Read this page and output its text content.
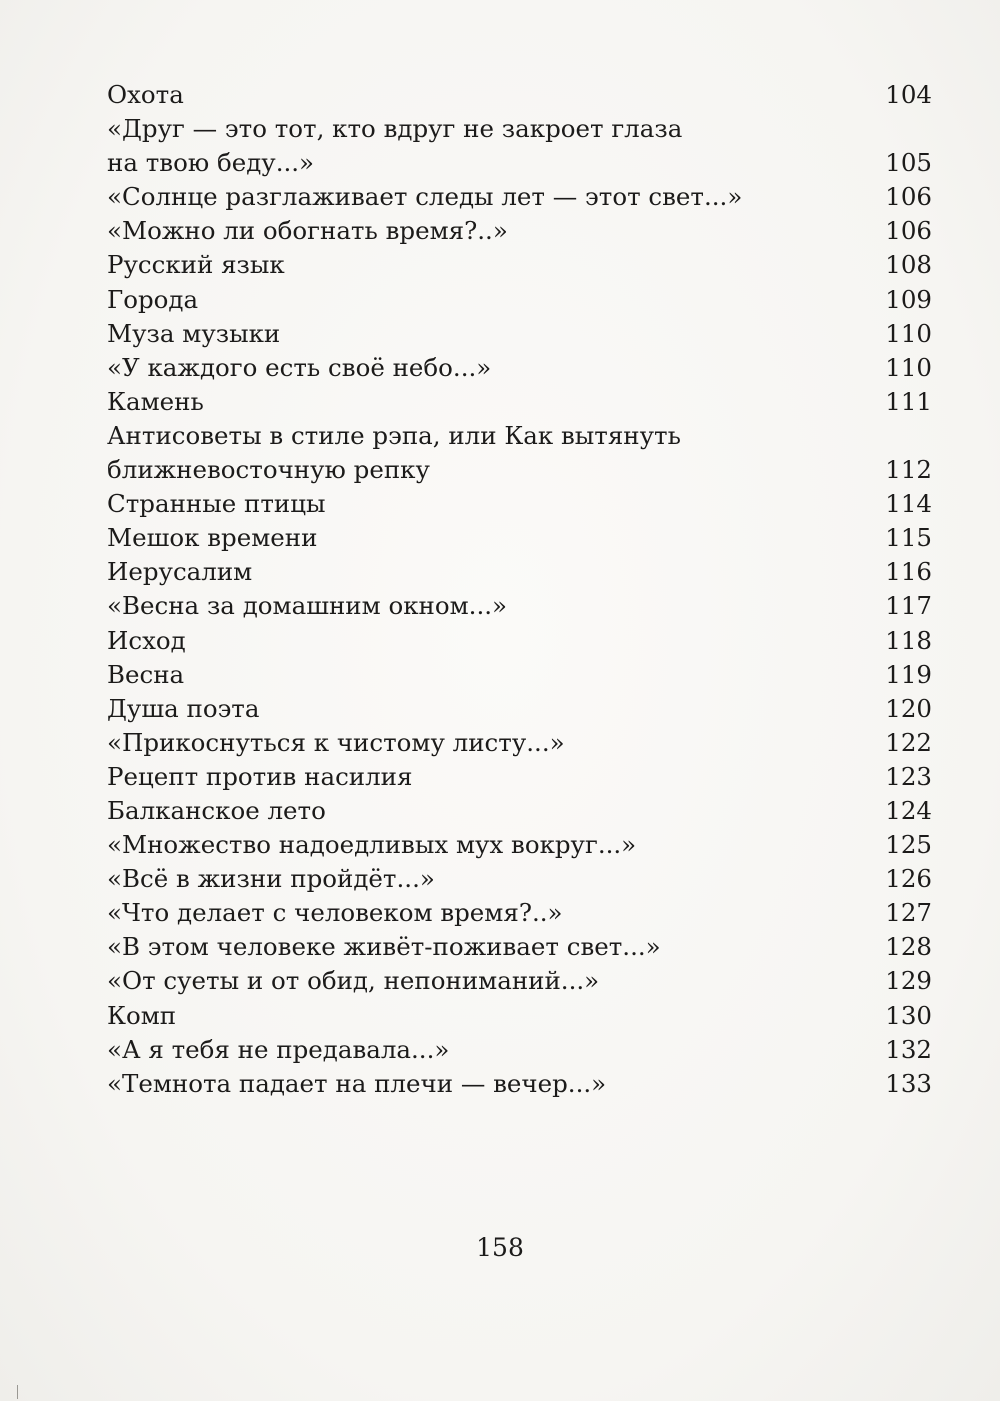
Охота	104
«Друг — это тот, кто вдруг не закроет глаза
на твою беду...»	105
«Солнце разглаживает следы лет — этот свет...»	106
«Можно ли обогнать время?..»	106
Русский язык	108
Города	109
Муза музыки	110
«У каждого есть своё небо...»	110
Камень	111
Антисоветы в стиле рэпа, или Как вытянуть
ближневосточную репку	112
Странные птицы	114
Мешок времени	115
Иерусалим	116
«Весна за домашним окном...»	117
Исход	118
Весна	119
Душа поэта	120
«Прикоснуться к чистому листу...»	122
Рецепт против насилия	123
Балканское лето	124
«Множество надоедливых мух вокруг...»	125
«Всё в жизни пройдёт...»	126
«Что делает с человеком время?..»	127
«В этом человеке живёт-поживает свет...»	128
«От суеты и от обид, непониманий...»	129
Комп	130
«А я тебя не предавала...»	132
«Темнота падает на плечи — вечер...»	133
158
